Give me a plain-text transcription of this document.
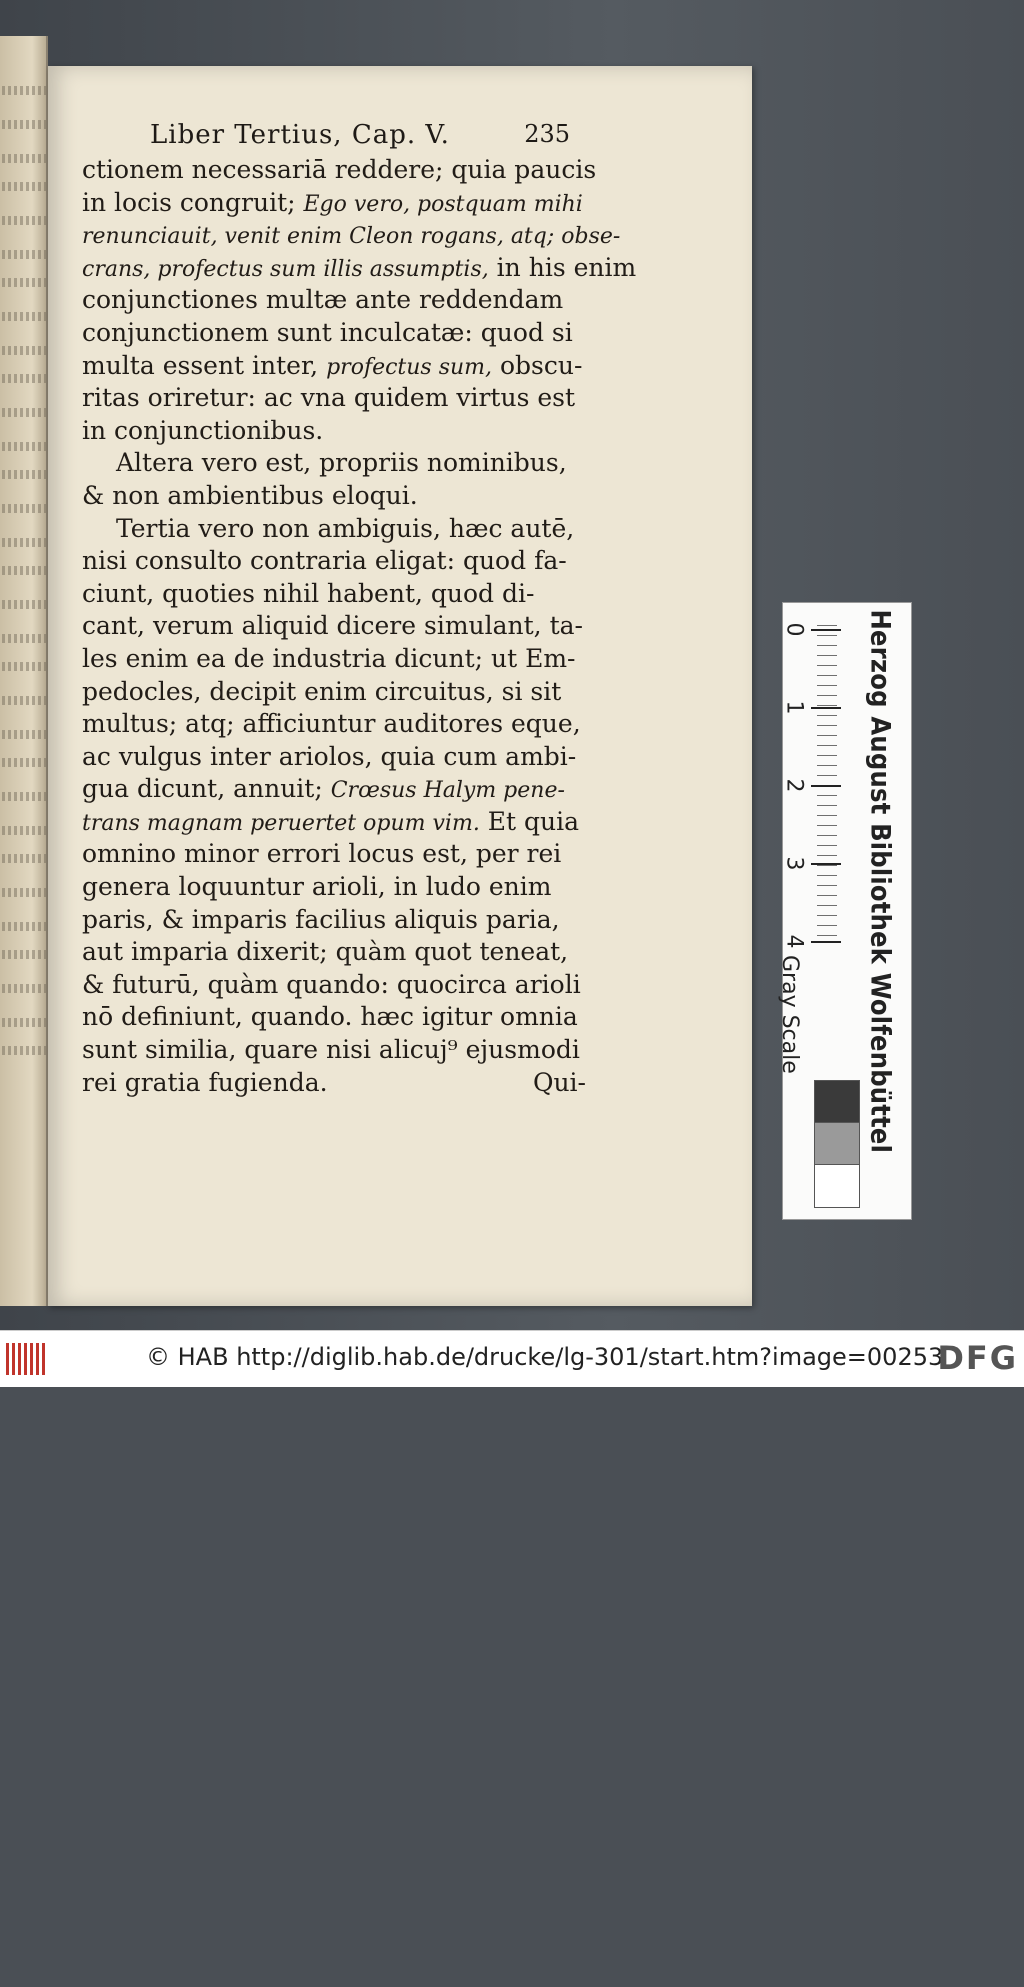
Liber Tertius, Cap. V.	235
ctionem necessariā reddere; quia paucis
in locis congruit; Ego vero, postquam mihi
renunciauit, venit enim Cleon rogans, atq; obse-
crans, profectus sum illis assumptis, in his enim
conjunctiones multæ ante reddendam
conjunctionem sunt inculcatæ: quod si
multa essent inter, profectus sum, obscu-
ritas oriretur: ac vna quidem virtus est
in conjunctionibus.
Altera vero est, propriis nominibus,
& non ambientibus eloqui.
Tertia vero non ambiguis, hæc autē,
nisi consulto contraria eligat: quod fa-
ciunt, quoties nihil habent, quod di-
cant, verum aliquid dicere simulant, ta-
les enim ea de industria dicunt; ut Em-
pedocles, decipit enim circuitus, si sit
multus; atq; afficiuntur auditores eque,
ac vulgus inter ariolos, quia cum ambi-
gua dicunt, annuit; Crœsus Halym pene-
trans magnam peruertet opum vim. Et quia
omnino minor errori locus est, per rei
genera loquuntur arioli, in ludo enim
paris, & imparis facilius aliquis paria,
aut imparia dixerit; quàm quot teneat,
& futurū, quàm quando: quocirca arioli
nō definiunt, quando. hæc igitur omnia
sunt similia, quare nisi alicuj⁹ ejusmodi
rei gratia fugienda.	Qui-
0
1
2
3
4 Herzog August Bibliothek Wolfenbüttel
Gray Scale
© HAB http://diglib.hab.de/drucke/lg-301/start.htm?image=00253
DFG
